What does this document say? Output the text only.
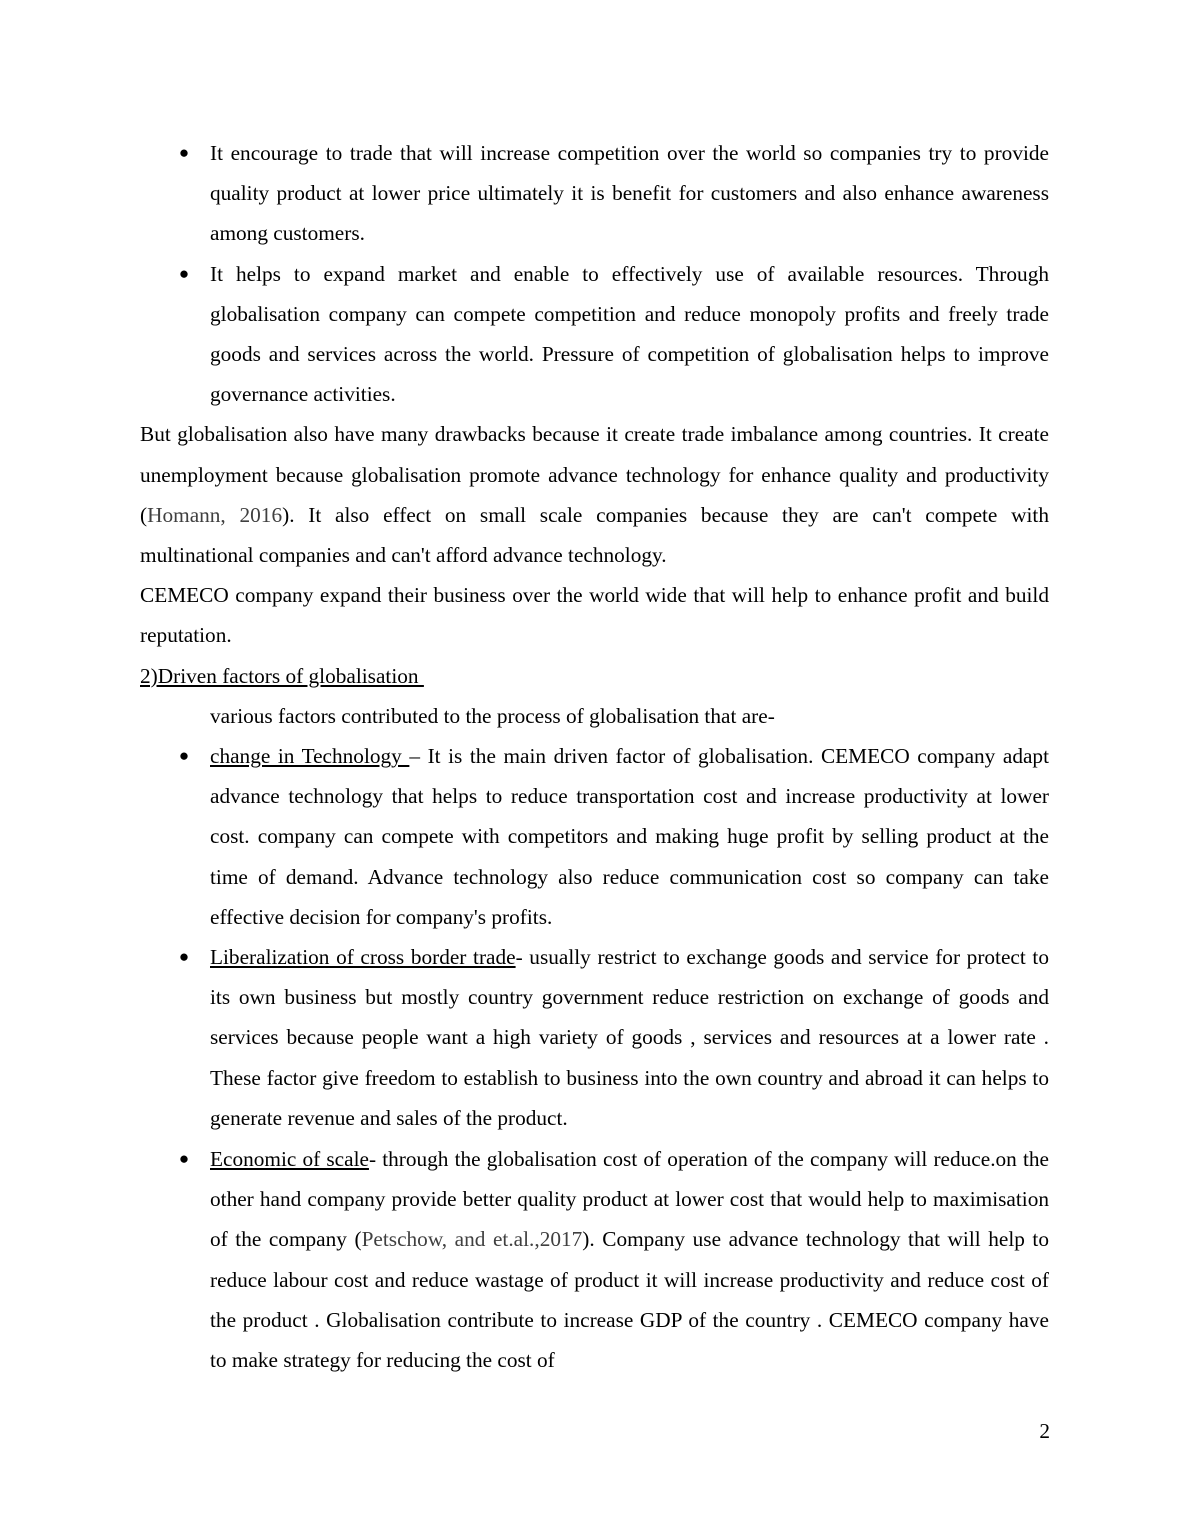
● It encourage to trade that will increase competition over the world so companies try to provide quality product at lower price ultimately it is benefit for customers and also enhance awareness among customers.
● It helps to expand market and enable to effectively use of available resources. Through globalisation company can compete competition and reduce monopoly profits and freely trade goods and services across the world. Pressure of competition of globalisation helps to improve governance activities.

But globalisation also have many drawbacks because it create trade imbalance among countries. It create unemployment because globalisation promote advance technology for enhance quality and productivity (Homann, 2016). It also effect on small scale companies because they are can't compete with multinational companies and can't afford advance technology.

CEMECO company expand their business over the world wide that will help to enhance profit and build reputation.

2)Driven factors of globalisation

various factors contributed to the process of globalisation that are-

● change in Technology – It is the main driven factor of globalisation. CEMECO company adapt advance technology that helps to reduce transportation cost and increase productivity at lower cost. company can compete with competitors and making huge profit by selling product at the time of demand. Advance technology also reduce communication cost so company can take effective decision for company's profits.
● Liberalization of cross border trade- usually restrict to exchange goods and service for protect to its own business but mostly country government reduce restriction on exchange of goods and services because people want a high variety of goods , services and resources at a lower rate . These factor give freedom to establish to business into the own country and abroad it can helps to generate revenue and sales of the product.
● Economic of scale- through the globalisation cost of operation of the company will reduce.on the other hand company provide better quality product at lower cost that would help to maximisation of the company (Petschow, and et.al.,2017). Company use advance technology that will help to reduce labour cost and reduce wastage of product it will increase productivity and reduce cost of the product . Globalisation contribute to increase GDP of the country . CEMECO company have to make strategy for reducing the cost of
2
